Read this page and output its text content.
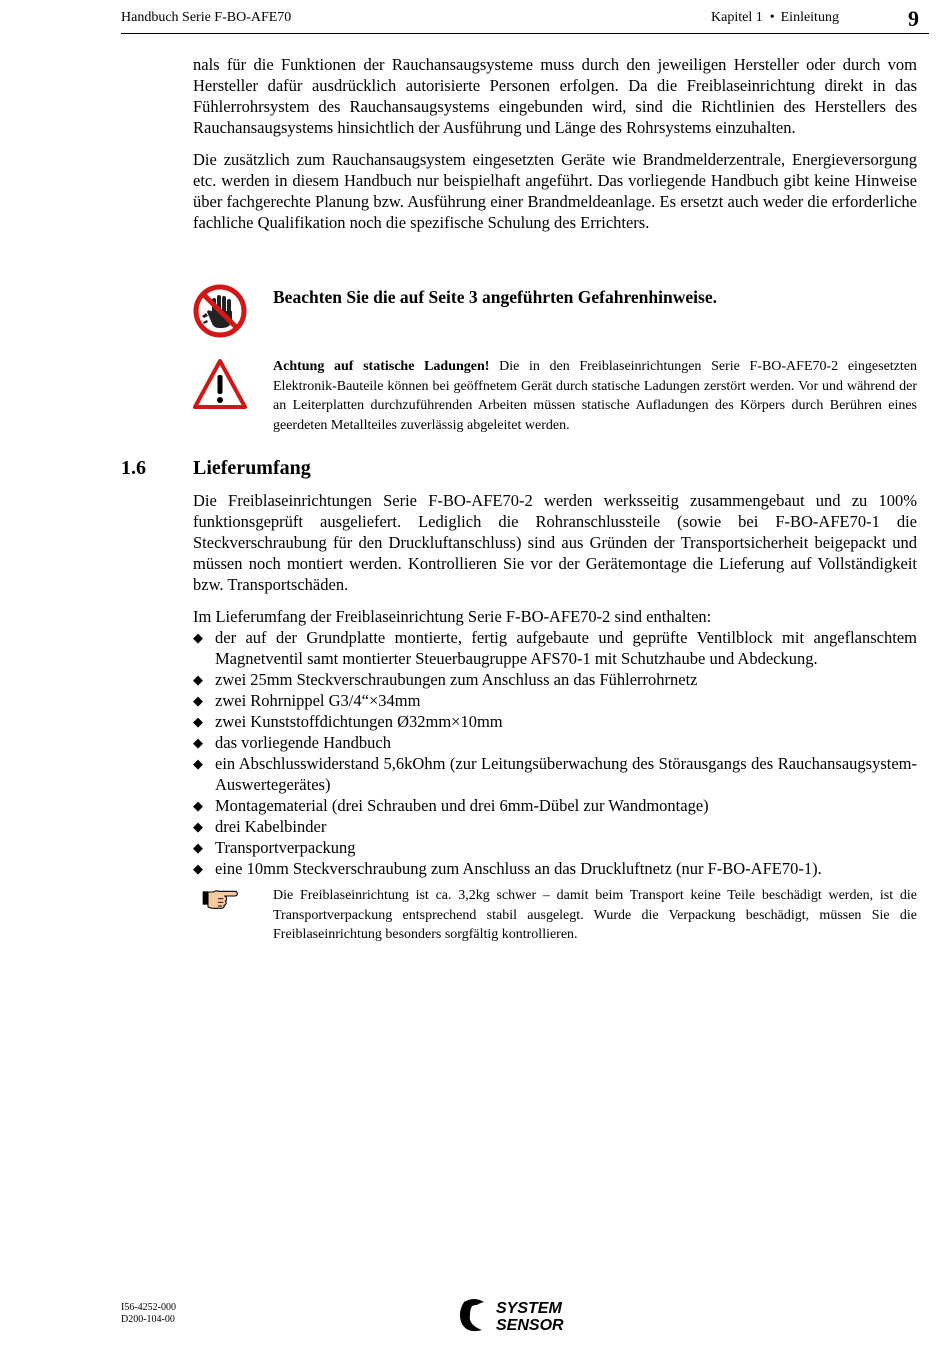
Handbuch Serie F-BO-AFE70	Kapitel 1 • Einleitung	9

nals für die Funktionen der Rauchansaugsysteme muss durch den jeweiligen Hersteller oder durch vom Hersteller dafür ausdrücklich autorisierte Personen erfolgen. Da die Freiblaseinrichtung direkt in das Fühlerrohrsystem des Rauchansaugsystems eingebunden wird, sind die Richtlinien des Herstellers des Rauchansaugsystems hinsichtlich der Ausführung und Länge des Rohrsystems einzuhalten.

Die zusätzlich zum Rauchansaugsystem eingesetzten Geräte wie Brandmelderzentrale, Energieversorgung etc. werden in diesem Handbuch nur beispielhaft angeführt. Das vorliegende Handbuch gibt keine Hinweise über fachgerechte Planung bzw. Ausführung einer Brandmeldeanlage. Es ersetzt auch weder die erforderliche fachliche Qualifikation noch die spezifische Schulung des Errichters.

Beachten Sie die auf Seite 3 angeführten Gefahrenhinweise.
Achtung auf statische Ladungen! Die in den Freiblaseinrichtungen Serie F-BO-AFE70-2 eingesetzten Elektronik-Bauteile können bei geöffnetem Gerät durch statische Ladungen zerstört werden. Vor und während der an Leiterplatten durchzuführenden Arbeiten müssen statische Aufladungen des Körpers durch Berühren eines geerdeten Metallteiles zuverlässig abgeleitet werden.
1.6 Lieferumfang

Die Freiblaseinrichtungen Serie F-BO-AFE70-2 werden werksseitig zusammengebaut und zu 100% funktionsgeprüft ausgeliefert. Lediglich die Rohranschlussteile (sowie bei F-BO-AFE70-1 die Steckverschraubung für den Druckluftanschluss) sind aus Gründen der Transportsicherheit beigepackt und müssen noch montiert werden. Kontrollieren Sie vor der Gerätemontage die Lieferung auf Vollständigkeit bzw. Transportschäden.

Im Lieferumfang der Freiblaseinrichtung Serie F-BO-AFE70-2 sind enthalten:

◆ der auf der Grundplatte montierte, fertig aufgebaute und geprüfte Ventilblock mit angeflanschtem Magnetventil samt montierter Steuerbaugruppe AFS70-1 mit Schutzhaube und Abdeckung.
◆ zwei 25mm Steckverschraubungen zum Anschluss an das Fühlerrohrnetz
◆ zwei Rohrnippel G3/4“×34mm
◆ zwei Kunststoffdichtungen Ø32mm×10mm
◆ das vorliegende Handbuch
◆ ein Abschlusswiderstand 5,6kOhm (zur Leitungsüberwachung des Störausgangs des Rauchansaugsystem-Auswertegerätes)
◆ Montagematerial (drei Schrauben und drei 6mm-Dübel zur Wandmontage)
◆ drei Kabelbinder
◆ Transportverpackung
◆ eine 10mm Steckverschraubung zum Anschluss an das Druckluftnetz (nur F-BO-AFE70-1).
Die Freiblaseinrichtung ist ca. 3,2kg schwer – damit beim Transport keine Teile beschädigt werden, ist die Transportverpackung entsprechend stabil ausgelegt. Wurde die Verpackung beschädigt, müssen Sie die Freiblaseinrichtung besonders sorgfältig kontrollieren.
I56-4252-000
D200-104-00
SYSTEM
SENSOR
